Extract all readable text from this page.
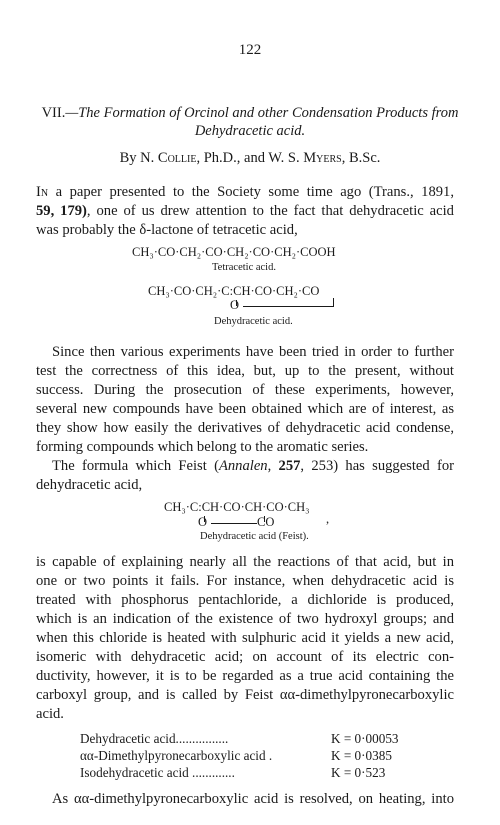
122
VII.—The Formation of Orcinol and other Condensation Products from
Dehydracetic acid.
By N. Collie, Ph.D., and W. S. Myers, B.Sc.
In a paper presented to the Society some time ago (Trans., 1891,
59, 179), one of us drew attention to the fact that dehydracetic acid
was probably the δ-lactone of tetracetic acid,
CH₃·CO·CH₂·CO·CH₂·CO·CH₂·COOH
Tetracetic acid.
CH₃·CO·CH₂·C:CH·CO·CH₂·CO
O
Dehydracetic acid.
Since then various experiments have been tried in order to further
test the correctness of this idea, but, up to the present, without
success. During the prosecution of these experiments, however,
several new compounds have been obtained which are of interest, as
they show how easily the derivatives of dehydracetic acid condense,
forming compounds which belong to the aromatic series.
The formula which Feist (Annalen, 257, 253) has suggested for
dehydracetic acid,
CH₃·C:CH·CO·CH·CO·CH₃
O	CO	,
Dehydracetic acid (Feist).
is capable of explaining nearly all the reactions of that acid, but in
one or two points it fails. For instance, when dehydracetic acid is
treated with phosphorus pentachloride, a dichloride is produced,
which is an indication of the existence of two hydroxyl groups; and
when this chloride is heated with sulphuric acid it yields a new acid,
isomeric with dehydracetic acid; on account of its electric con-
ductivity, however, it is to be regarded as a true acid containing the
carboxyl group, and is called by Feist αα-dimethylpyronecarboxylic
acid.
Dehydracetic acid................	K = 0·00053
αα-Dimethylpyronecarboxylic acid .	K = 0·0385
Isodehydracetic acid .............	K = 0·523
As αα-dimethylpyronecarboxylic acid is resolved, on heating, into
